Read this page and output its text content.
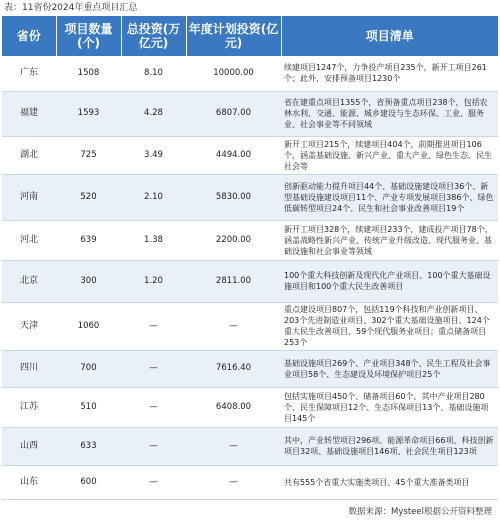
表：11省份2024年重点项目汇总
省份	项目数量(个)	总投资(万亿元)	年度计划投资(亿元)	项目清单
广东	1508	8.10	10000.00	续建项目1247个，力争投产项目235个，新开工项目261个；此外，安排预备项目1230个
福建	1593	4.28	6807.00	省在建重点项目1355个，省预备重点项目238个，包括农林水利、交通、能源、城乡建设与生态环保、工业、服务业、社会事业等不同领域
湖北	725	3.49	4494.00	新开工项目215个，续建项目404个，前期推进项目106个，涵盖基础设施、新兴产业、重大产业、绿色生态、民生社会等
河南	520	2.10	5830.00	创新驱动能力提升项目44个、基础设施建设项目36个、新型基础设施建设项目11个、产业专项发展项目386个、绿色低碳转型项目24个、民生和社会事业改善项目19个
河北	639	1.38	2200.00	新开工项目328个，续建项目233个，建成投产项目78个，涵盖战略性新兴产业、传统产业升级改造、现代服务业、基础设施和社会事业等领域
北京	300	1.20	2811.00	100个重大科技创新及现代化产业项目、100个重大基础设施项目和100个重大民生改善项目
天津	1060	—	—	重点建设项目807个，包括119个科技和产业创新项目、203个先进制造业项目、302个重大基础设施项目、124个重大民生改善项目、59个现代服务业项目；重点储备项目253个
四川	700	—	7616.40	基础设施项目269个、产业项目348个、民生工程及社会事业项目58个、生态建设及环境保护项目25个
江苏	510	—	6408.00	包括实施项目450个、储备项目60个。其中产业项目280个、民生保障项目12个、生态环保项目13个、基础设施项目145个
山西	633	—	—	其中，产业转型项目296项、能源革命项目66项、科技创新项目32项、基础设施项目146项、社会民生项目123项
山东	600	—	—	共有555个省重大实施类项目、45个重大准备类项目
数据来源：Mysteel根据公开资料整理
